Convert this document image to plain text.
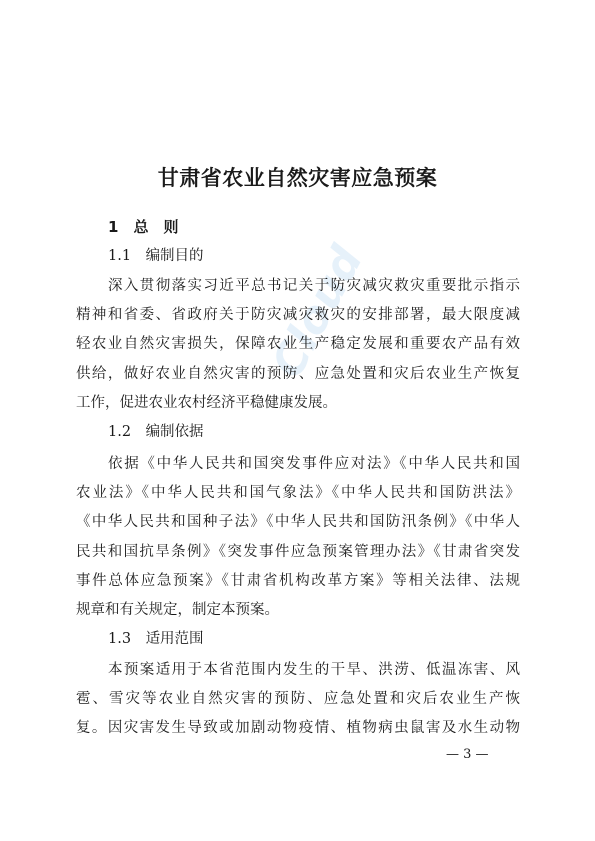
Cloud
甘肃省农业自然灾害应急预案
1　 总　则
1.1　 编制目的
深入贯彻落实习近平总书记关于防灾减灾救灾重要批示指示
精神和省委、省政府关于防灾减灾救灾的安排部署，最大限度减
轻农业自然灾害损失，保障农业生产稳定发展和重要农产品有效
供给，做好农业自然灾害的预防、应急处置和灾后农业生产恢复
工作，促进农业农村经济平稳健康发展。
1.2　 编制依据
依据《中华人民共和国突发事件应对法》《中华人民共和国
农业法》《中华人民共和国气象法》《中华人民共和国防洪法》
《中华人民共和国种子法》《中华人民共和国防汛条例》《中华人
民共和国抗旱条例》《突发事件应急预案管理办法》《甘肃省突发
事件总体应急预案》《甘肃省机构改革方案》等相关法律、法规
规章和有关规定，制定本预案。
1.3　 适用范围
本预案适用于本省范围内发生的干旱、洪涝、低温冻害、风
雹、雪灾等农业自然灾害的预防、应急处置和灾后农业生产恢
复。因灾害发生导致或加剧动物疫情、植物病虫鼠害及水生动物
— 3 —
